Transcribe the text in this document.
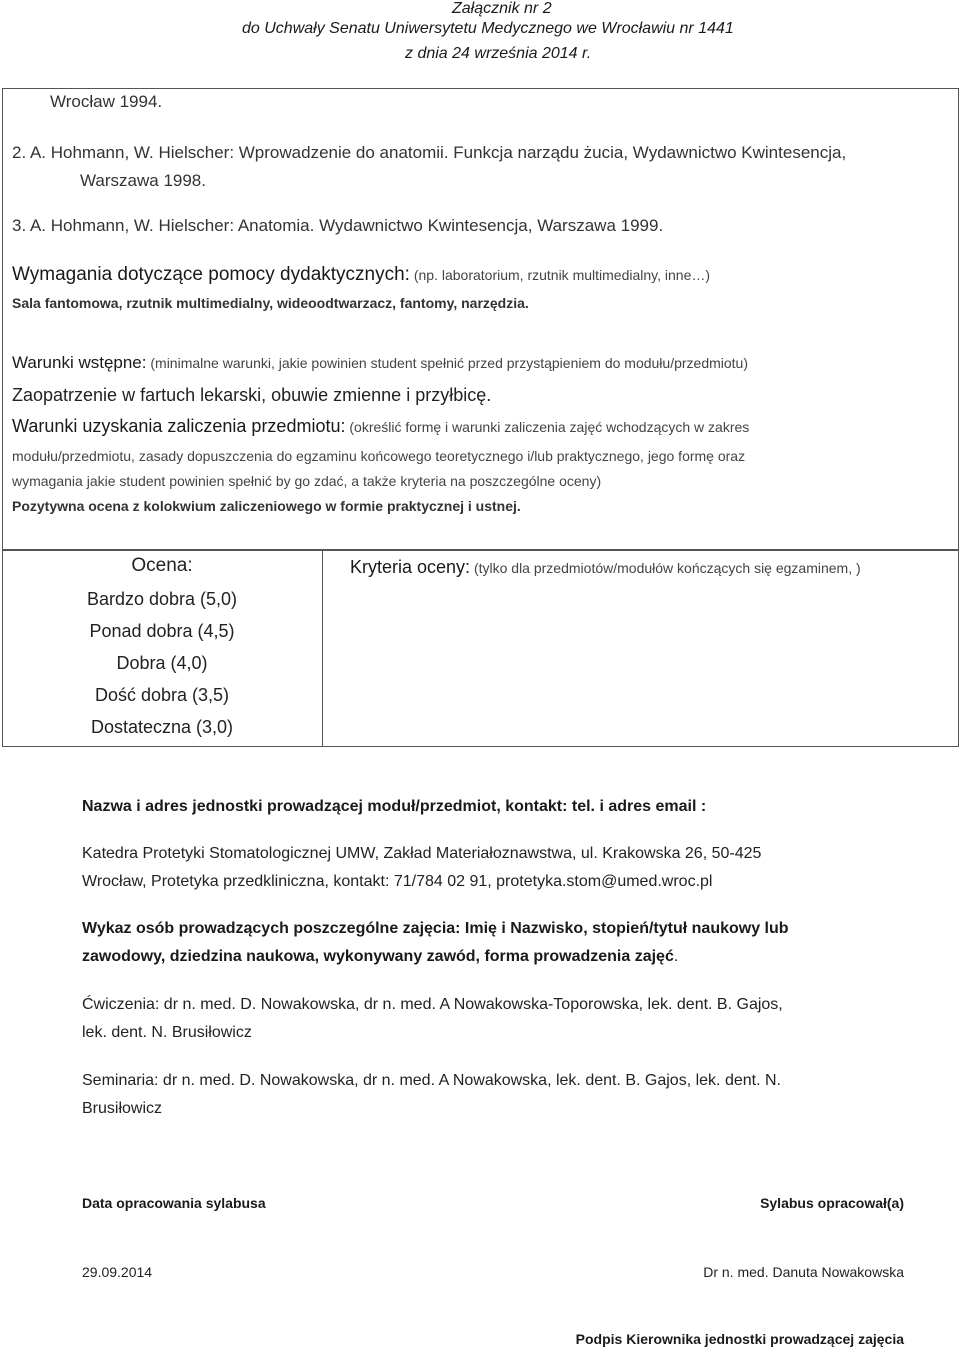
Załącznik nr 2
do Uchwały Senatu Uniwersytetu Medycznego we Wrocławiu nr 1441
z dnia 24 września 2014 r.
Wrocław 1994.
2. A. Hohmann, W. Hielscher: Wprowadzenie do anatomii. Funkcja narządu żucia, Wydawnictwo Kwintesencja,
Warszawa 1998.
3. A. Hohmann, W. Hielscher: Anatomia. Wydawnictwo Kwintesencja, Warszawa 1999.
Wymagania dotyczące pomocy dydaktycznych: (np. laboratorium, rzutnik multimedialny, inne…)
Sala fantomowa, rzutnik multimedialny, wideoodtwarzacz, fantomy, narzędzia.
Warunki wstępne: (minimalne warunki, jakie powinien student spełnić przed przystąpieniem do modułu/przedmiotu)
Zaopatrzenie w fartuch lekarski, obuwie zmienne i przyłbicę.
Warunki uzyskania zaliczenia przedmiotu: (określić formę i warunki zaliczenia zajęć wchodzących w zakres
modułu/przedmiotu, zasady dopuszczenia do egzaminu końcowego teoretycznego i/lub praktycznego, jego formę oraz
wymagania jakie student powinien spełnić by go zdać, a także kryteria na poszczególne oceny)
Pozytywna ocena z kolokwium zaliczeniowego w formie praktycznej i ustnej.
Ocena:	Kryteria oceny: (tylko dla przedmiotów/modułów kończących się egzaminem, )
Bardzo dobra (5,0)
Ponad dobra (4,5)
Dobra (4,0)
Dość dobra (3,5)
Dostateczna (3,0)
Nazwa i adres jednostki prowadzącej moduł/przedmiot, kontakt: tel. i adres email :
Katedra Protetyki Stomatologicznej UMW, Zakład Materiałoznawstwa, ul. Krakowska 26, 50-425
Wrocław, Protetyka przedkliniczna, kontakt: 71/784 02 91, protetyka.stom@umed.wroc.pl
Wykaz osób prowadzących poszczególne zajęcia: Imię i Nazwisko, stopień/tytuł naukowy lub
zawodowy, dziedzina naukowa, wykonywany zawód, forma prowadzenia zajęć.
Ćwiczenia: dr n. med. D. Nowakowska, dr n. med. A Nowakowska-Toporowska, lek. dent. B. Gajos,
lek. dent. N. Brusiłowicz
Seminaria: dr n. med. D. Nowakowska, dr n. med. A Nowakowska, lek. dent. B. Gajos, lek. dent. N.
Brusiłowicz
Data opracowania sylabusa	Sylabus opracował(a)
29.09.2014	Dr n. med. Danuta Nowakowska
Podpis Kierownika jednostki prowadzącej zajęcia
